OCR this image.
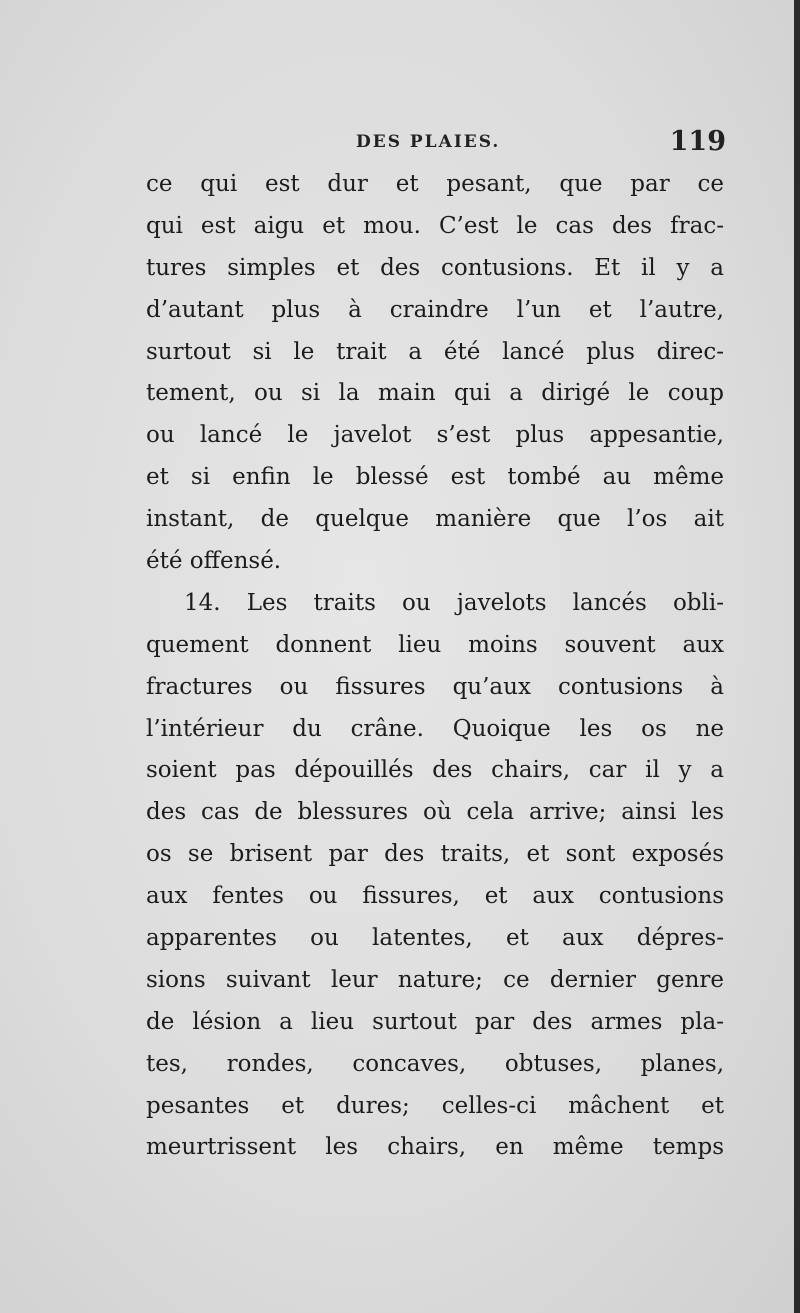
DES PLAIES.	119
ce qui est dur et pesant, que par ce
qui est aigu et mou. C’est le cas des frac-
tures simples et des contusions. Et il y a
d’autant plus à craindre l’un et l’autre,
surtout si le trait a été lancé plus direc-
tement, ou si la main qui a dirigé le coup
ou lancé le javelot s’est plus appesantie,
et si enfin le blessé est tombé au même
instant, de quelque manière que l’os ait
été offensé.
14. Les traits ou javelots lancés obli-
quement donnent lieu moins souvent aux
fractures ou fissures qu’aux contusions à
l’intérieur du crâne. Quoique les os ne
soient pas dépouillés des chairs, car il y a
des cas de blessures où cela arrive; ainsi les
os se brisent par des traits, et sont exposés
aux fentes ou fissures, et aux contusions
apparentes ou latentes, et aux dépres-
sions suivant leur nature; ce dernier genre
de lésion a lieu surtout par des armes pla-
tes, rondes, concaves, obtuses, planes,
pesantes et dures; celles-ci mâchent et
meurtrissent les chairs, en même temps
